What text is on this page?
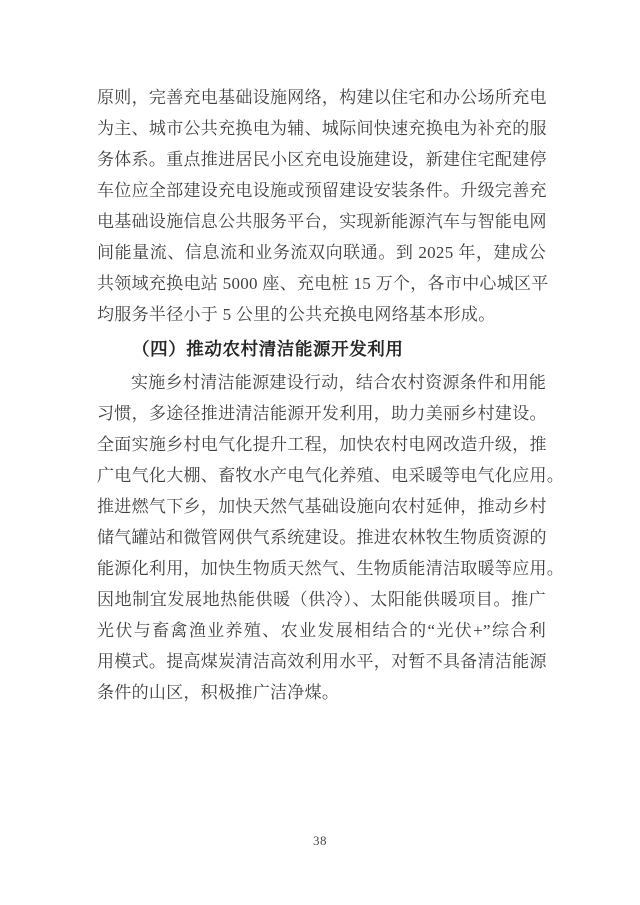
原则，完善充电基础设施网络，构建以住宅和办公场所充电
为主、城市公共充换电为辅、城际间快速充换电为补充的服
务体系。重点推进居民小区充电设施建设，新建住宅配建停
车位应全部建设充电设施或预留建设安装条件。升级完善充
电基础设施信息公共服务平台，实现新能源汽车与智能电网
间能量流、信息流和业务流双向联通。到 2025 年，建成公
共领域充换电站 5000 座、充电桩 15 万个，各市中心城区平
均服务半径小于 5 公里的公共充换电网络基本形成。
（四）推动农村清洁能源开发利用
实施乡村清洁能源建设行动，结合农村资源条件和用能
习惯，多途径推进清洁能源开发利用，助力美丽乡村建设。
全面实施乡村电气化提升工程，加快农村电网改造升级，推
广电气化大棚、畜牧水产电气化养殖、电采暖等电气化应用。
推进燃气下乡，加快天然气基础设施向农村延伸，推动乡村
储气罐站和微管网供气系统建设。推进农林牧生物质资源的
能源化利用，加快生物质天然气、生物质能清洁取暖等应用。
因地制宜发展地热能供暖（供冷）、太阳能供暖项目。推广
光伏与畜禽渔业养殖、农业发展相结合的“光伏+”综合利
用模式。提高煤炭清洁高效利用水平，对暂不具备清洁能源
条件的山区，积极推广洁净煤。
38
